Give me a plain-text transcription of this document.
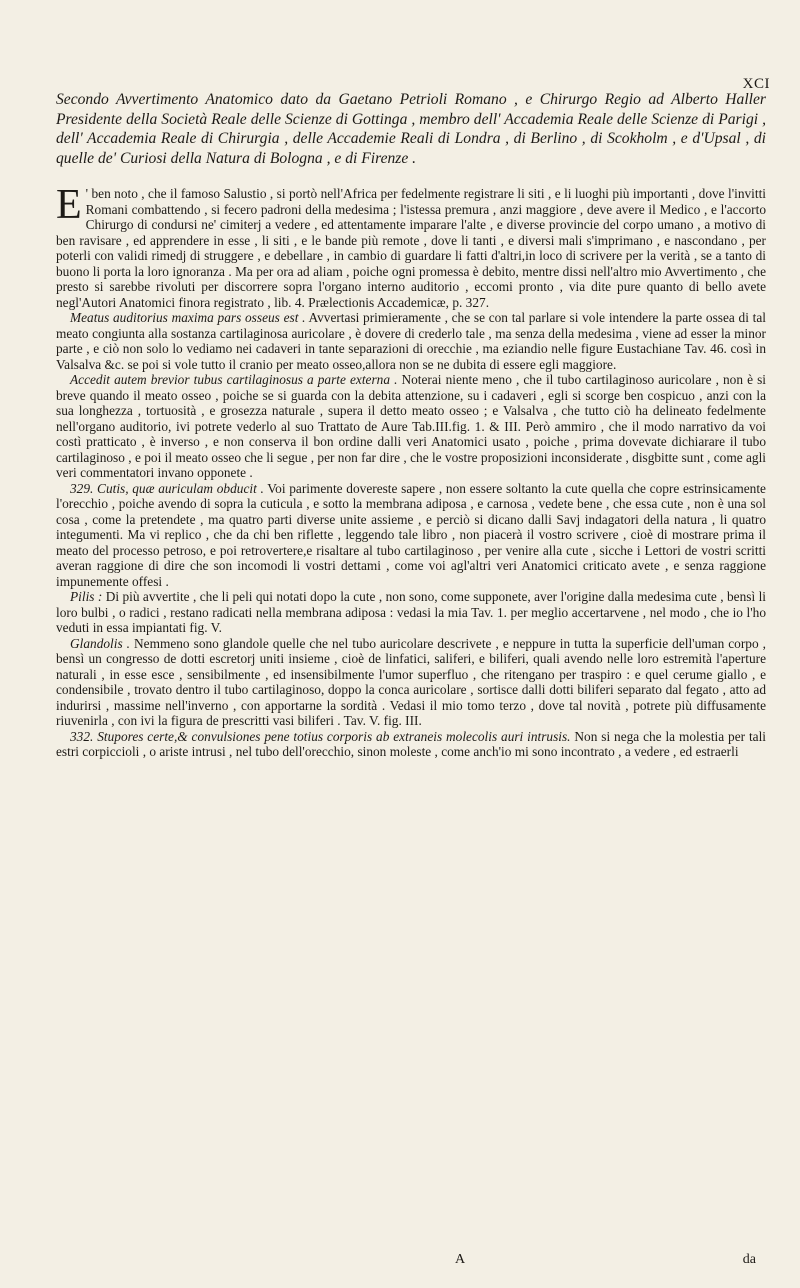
XCI
Secondo Avvertimento Anatomico dato da Gaetano Petrioli Romano , e Chirurgo Regio ad Alberto Haller Presidente della Società Reale delle Scienze di Gottinga , membro dell' Accademia Reale delle Scienze di Parigi , dell' Accademia Reale di Chirurgia , delle Accademie Reali di Londra , di Berlino , di Scokholm , e d'Upsal , di quelle de' Curiosi della Natura di Bologna , e di Firenze .

E ' ben noto , che il famoso Salustio , si portò nell'Africa per fedelmente registrare li siti , e li luoghi più importanti , dove l'invitti Romani combattendo , si fecero padroni della medesima ; l'istessa premura , anzi maggiore , deve avere il Medico , e l'accorto Chirurgo di condursi ne' cimiterj a vedere , ed attentamente imparare l'alte , e diverse provincie del corpo umano , a motivo di ben ravisare , ed apprendere in esse , li siti , e le bande più remote , dove li tanti , e diversi mali s'imprimano , e nascondano , per poterli con validi rimedj di struggere , e debellare , in cambio di guardare li fatti d'altri,in loco di scrivere per la verità , se a tanto di buono li porta la loro ignoranza . Ma per ora ad aliam , poiche ogni promessa è debito, mentre dissi nell'altro mio Avvertimento , che presto si sarebbe rivoluti per discorrere sopra l'organo interno auditorio , eccomi pronto , via dite pure quanto di bello avete negl'Autori Anatomici finora registrato , lib. 4. Prælectionis Accademicæ, p. 327.

Meatus auditorius maxima pars osseus est . Avvertasi primieramente , che se con tal parlare si vole intendere la parte ossea di tal meato congiunta alla sostanza cartilaginosa auricolare , è dovere di crederlo tale , ma senza della medesima , viene ad esser la minor parte , e ciò non solo lo vediamo nei cadaveri in tante separazioni di orecchie , ma eziandio nelle figure Eustachiane Tav. 46. così in Valsalva &c. se poi si vole tutto il cranio per meato osseo,allora non se ne dubita di essere egli maggiore.

Accedit autem brevior tubus cartilaginosus a parte externa . Noterai niente meno , che il tubo cartilaginoso auricolare , non è si breve quando il meato osseo , poiche se si guarda con la debita attenzione, su i cadaveri , egli si scorge ben cospicuo , anzi con la sua longhezza , tortuosità , e grosezza naturale , supera il detto meato osseo ; e Valsalva , che tutto ciò ha delineato fedelmente nell'organo auditorio, ivi potrete vederlo al suo Trattato de Aure Tab.III.fig. 1. & III. Però ammiro , che il modo narrativo da voi costì pratticato , è inverso , e non conserva il bon ordine dalli veri Anatomici usato , poiche , prima dovevate dichiarare il tubo cartilaginoso , e poi il meato osseo che li segue , per non far dire , che le vostre proposizioni inconsiderate , disgbitte sunt , come agli veri commentatori invano opponete .

329. Cutis, quæ auriculam obducit . Voi parimente dovereste sapere , non essere soltanto la cute quella che copre estrinsicamente l'orecchio , poiche avendo di sopra la cuticula , e sotto la membrana adiposa , e carnosa , vedete bene , che essa cute , non è una sol cosa , come la pretendete , ma quatro parti diverse unite assieme , e perciò si dicano dalli Savj indagatori della natura , li quatro integumenti. Ma vi replico , che da chi ben riflette , leggendo tale libro , non piacerà il vostro scrivere , cioè di mostrare prima il meato del processo petroso, e poi retrovertere,e risaltare al tubo cartilaginoso , per venire alla cute , sicche i Lettori de vostri scritti averan raggione di dire che son incomodi li vostri dettami , come voi agl'altri veri Anatomici criticato avete , e senza raggione impunemente offesi .

Pilis : Di più avvertite , che li peli qui notati dopo la cute , non sono, come supponete, aver l'origine dalla medesima cute , bensì li loro bulbi , o radici , restano radicati nella membrana adiposa : vedasi la mia Tav. 1. per meglio accertarvene , nel modo , che io l'ho veduti in essa impiantati fig. V.

Glandolis . Nemmeno sono glandole quelle che nel tubo auricolare descrivete , e neppure in tutta la superficie dell'uman corpo , bensì un congresso de dotti escretorj uniti insieme , cioè de linfatici, saliferi, e biliferi, quali avendo nelle loro estremità l'aperture naturali , in esse esce , sensibilmente , ed insensibilmente l'umor superfluo , che ritengano per traspiro : e quel cerume giallo , e condensibile , trovato dentro il tubo cartilaginoso, doppo la conca auricolare , sortisce dalli dotti biliferi separato dal fegato , atto ad indurirsi , massime nell'inverno , con apportarne la sordità . Vedasi il mio tomo terzo , dove tal novità , potrete più diffusamente riuvenirla , con ivi la figura de prescritti vasi biliferi . Tav. V. fig. III.

332. Stupores certe,& convulsiones pene totius corporis ab extraneis molecolis auri intrusis. Non si nega che la molestia per tali estri corpiccioli , o ariste intrusi , nel tubo dell'orecchio, sinon moleste , come anch'io mi sono incontrato , a vedere , ed estraerli

A	da
